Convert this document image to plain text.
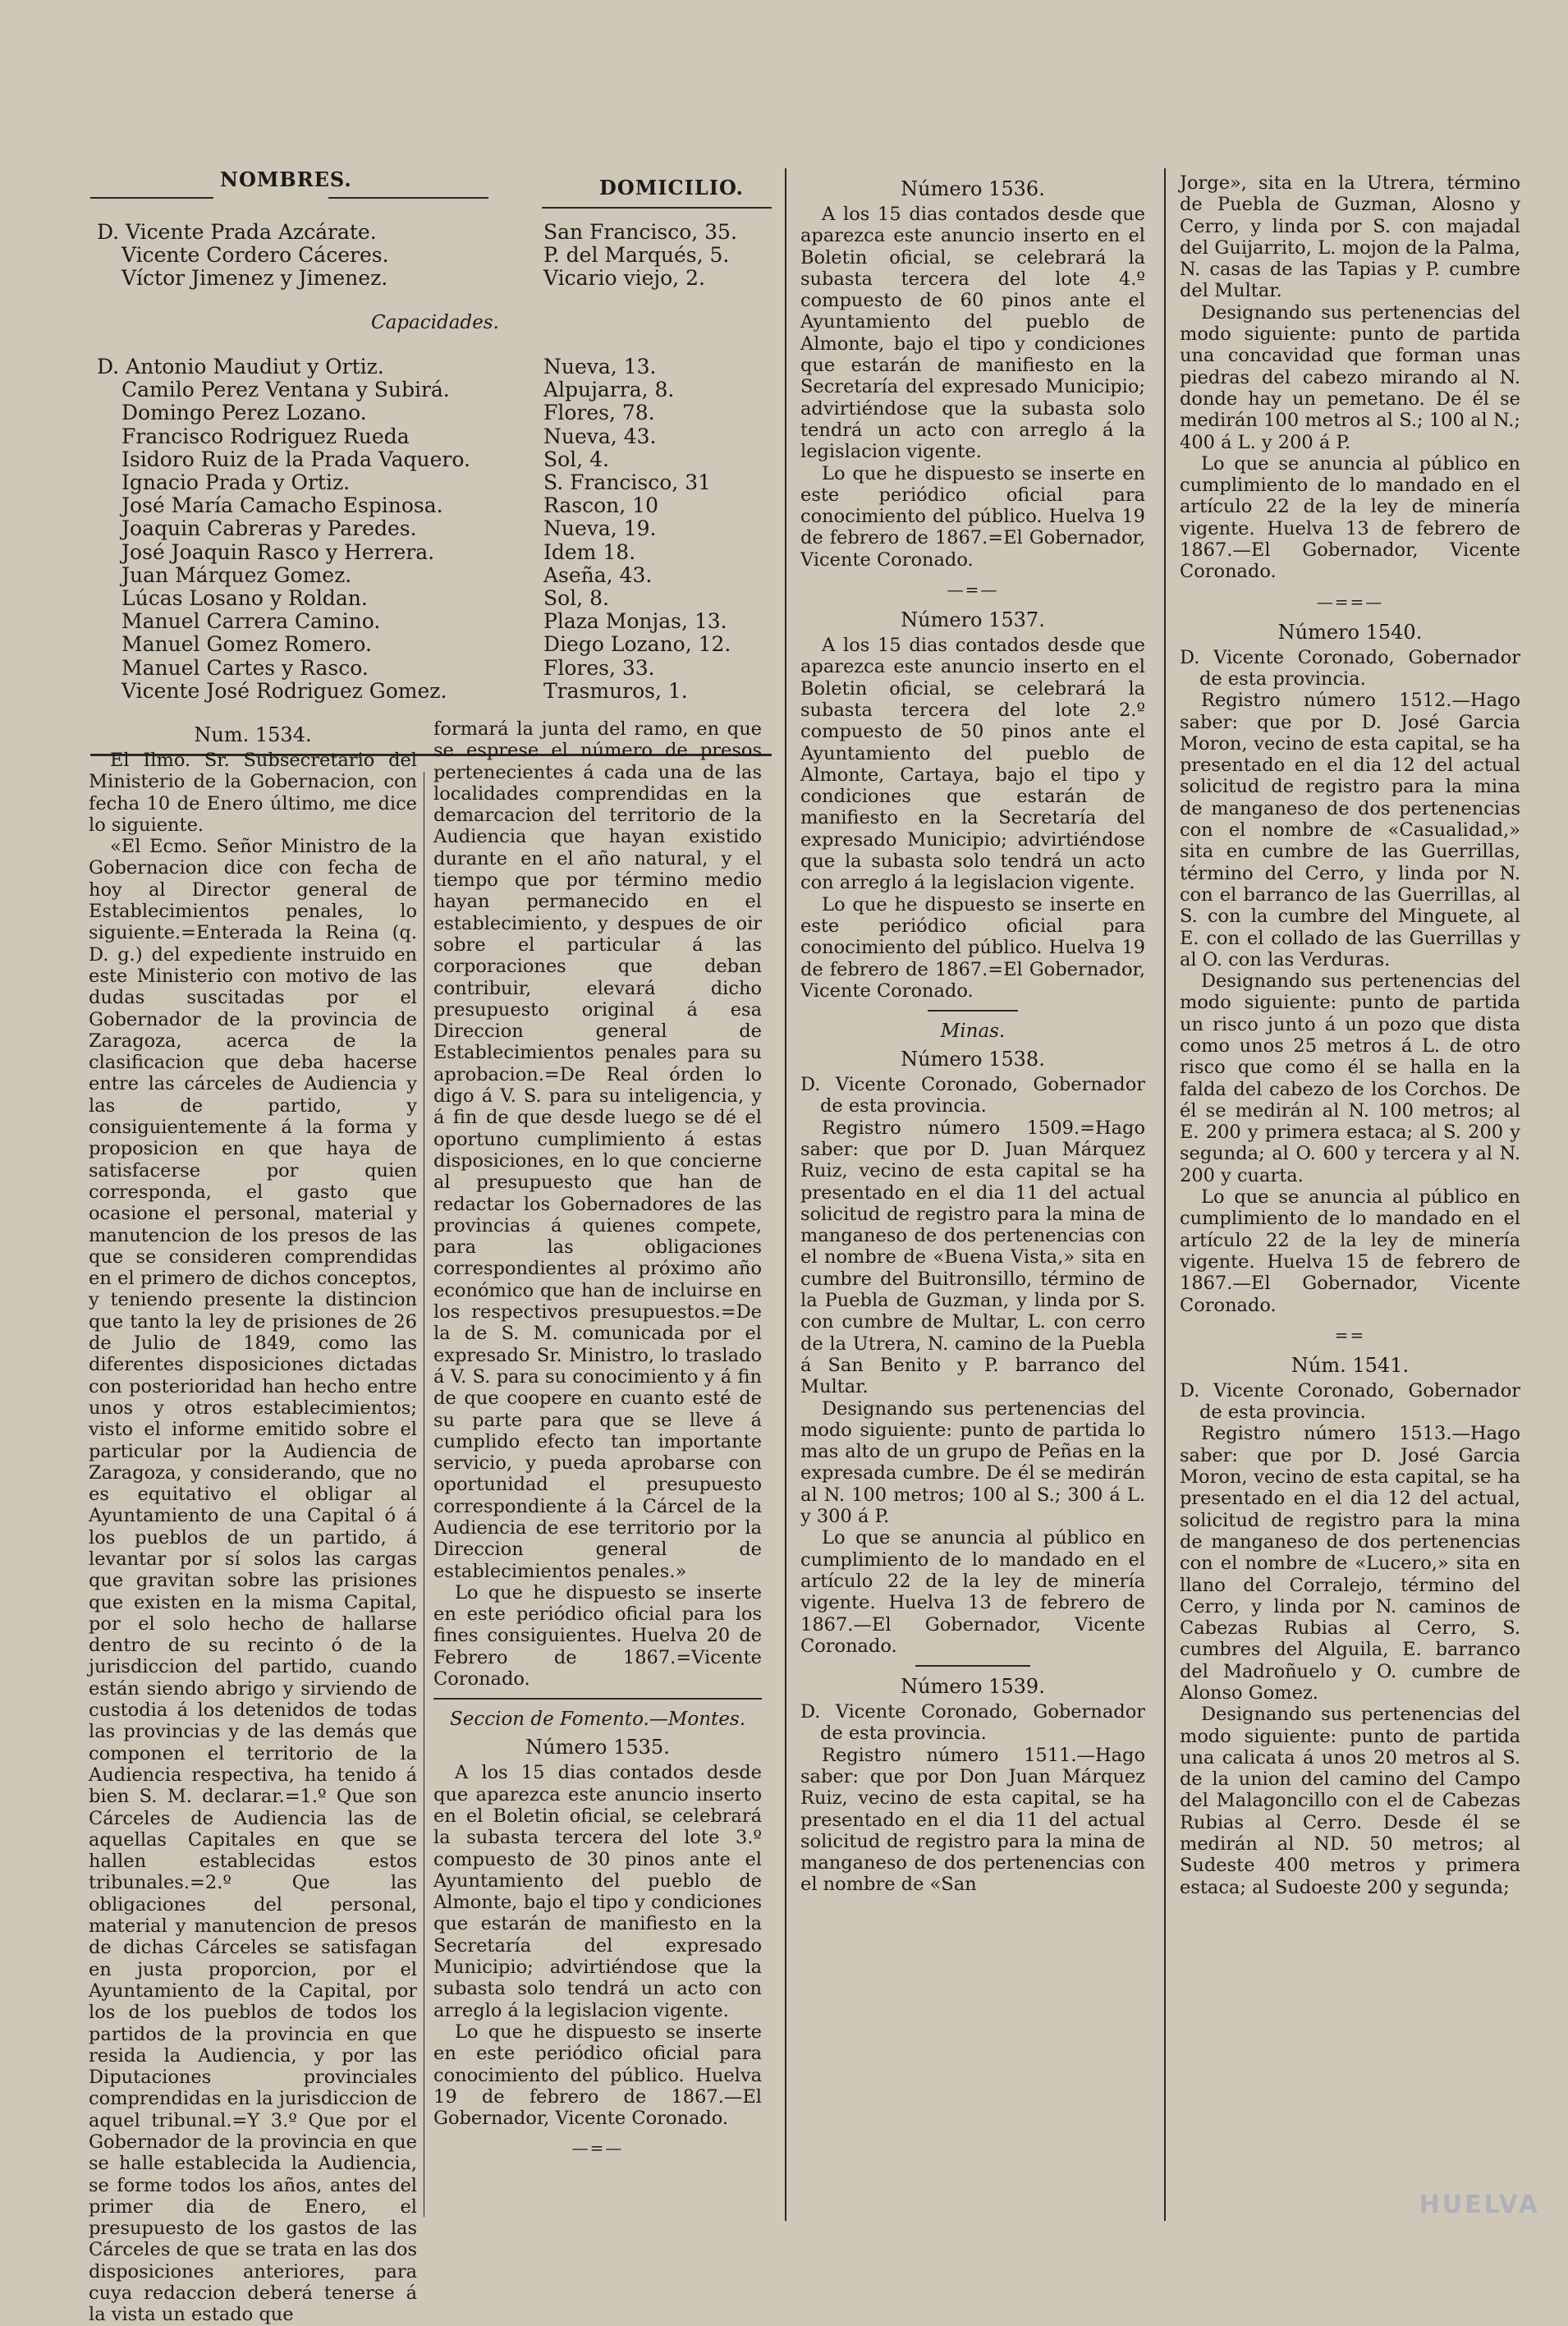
NOMBRES.	DOMICILIO.
D. Vicente Prada Azcárate.	San Francisco, 35.
Vicente Cordero Cáceres.	P. del Marqués, 5.
Víctor Jimenez y Jimenez.	Vicario viejo, 2.
Capacidades.
D. Antonio Maudiut y Ortiz.	Nueva, 13.
Camilo Perez Ventana y Subirá.	Alpujarra, 8.
Domingo Perez Lozano.	Flores, 78.
Francisco Rodriguez Rueda	Nueva, 43.
Isidoro Ruiz de la Prada Vaquero.	Sol, 4.
Ignacio Prada y Ortiz.	S. Francisco, 31
José María Camacho Espinosa.	Rascon, 10
Joaquin Cabreras y Paredes.	Nueva, 19.
José Joaquin Rasco y Herrera.	Idem 18.
Juan Márquez Gomez.	Aseña, 43.
Lúcas Losano y Roldan.	Sol, 8.
Manuel Carrera Camino.	Plaza Monjas, 13.
Manuel Gomez Romero.	Diego Lozano, 12.
Manuel Cartes y Rasco.	Flores, 33.
Vicente José Rodriguez Gomez.	Trasmuros, 1.
Num. 1534.

El Ilmo. Sr. Subsecretario del Ministerio de la Gobernacion, con fecha 10 de Enero último, me dice lo siguiente.

«El Ecmo. Señor Ministro de la Gobernacion dice con fecha de hoy al Director general de Establecimientos penales, lo siguiente.=Enterada la Reina (q. D. g.) del expediente instruido en este Ministerio con motivo de las dudas suscitadas por el Gobernador de la provincia de Zaragoza, acerca de la clasificacion que deba hacerse entre las cárceles de Audiencia y las de partido, y consiguientemente á la forma y proposicion en que haya de satisfacerse por quien corresponda, el gasto que ocasione el personal, material y manutencion de los presos de las que se consideren comprendidas en el primero de dichos conceptos, y teniendo presente la distincion que tanto la ley de prisiones de 26 de Julio de 1849, como las diferentes disposiciones dictadas con posterioridad han hecho entre unos y otros establecimientos; visto el informe emitido sobre el particular por la Audiencia de Zaragoza, y considerando, que no es equitativo el obligar al Ayuntamiento de una Capital ó á los pueblos de un partido, á levantar por sí solos las cargas que gravitan sobre las prisiones que existen en la misma Capital, por el solo hecho de hallarse dentro de su recinto ó de la jurisdiccion del partido, cuando están siendo abrigo y sirviendo de custodia á los detenidos de todas las provincias y de las demás que componen el territorio de la Audiencia respectiva, ha tenido á bien S. M. declarar.=1.º Que son Cárceles de Audiencia las de aquellas Capitales en que se hallen establecidas estos tribunales.=2.º Que las obligaciones del personal, material y manutencion de presos de dichas Cárceles se satisfagan en justa proporcion, por el Ayuntamiento de la Capital, por los de los pueblos de todos los partidos de la provincia en que resida la Audiencia, y por las Diputaciones provinciales comprendidas en la jurisdiccion de aquel tribunal.=Y 3.º Que por el Gobernador de la provincia en que se halle establecida la Audiencia, se forme todos los años, antes del primer dia de Enero, el presupuesto de los gastos de las Cárceles de que se trata en las dos disposiciones anteriores, para cuya redaccion deberá tenerse á la vista un estado que

formará la junta del ramo, en que se esprese el número de presos pertenecientes á cada una de las localidades comprendidas en la demarcacion del territorio de la Audiencia que hayan existido durante en el año natural, y el tiempo que por término medio hayan permanecido en el establecimiento, y despues de oir sobre el particular á las corporaciones que deban contribuir, elevará dicho presupuesto original á esa Direccion general de Establecimientos penales para su aprobacion.=De Real órden lo digo á V. S. para su inteligencia, y á fin de que desde luego se dé el oportuno cumplimiento á estas disposiciones, en lo que concierne al presupuesto que han de redactar los Gobernadores de las provincias á quienes compete, para las obligaciones correspondientes al próximo año económico que han de incluirse en los respectivos presupuestos.=De la de S. M. comunicada por el expresado Sr. Ministro, lo traslado á V. S. para su conocimiento y á fin de que coopere en cuanto esté de su parte para que se lleve á cumplido efecto tan importante servicio, y pueda aprobarse con oportunidad el presupuesto correspondiente á la Cárcel de la Audiencia de ese territorio por la Direccion general de establecimientos penales.»

Lo que he dispuesto se inserte en este periódico oficial para los fines consiguientes. Huelva 20 de Febrero de 1867.=Vicente Coronado.

Seccion de Fomento.—Montes.
Número 1535.

A los 15 dias contados desde que aparezca este anuncio inserto en el Boletin oficial, se celebrará la subasta tercera del lote 3.º compuesto de 30 pinos ante el Ayuntamiento del pueblo de Almonte, bajo el tipo y condiciones que estarán de manifiesto en la Secretaría del expresado Municipio; advirtiéndose que la subasta solo tendrá un acto con arreglo á la legislacion vigente.

Lo que he dispuesto se inserte en este periódico oficial para conocimiento del público. Huelva 19 de febrero de 1867.—El Gobernador, Vicente Coronado.

—=—
Número 1536.

A los 15 dias contados desde que aparezca este anuncio inserto en el Boletin oficial, se celebrará la subasta tercera del lote 4.º compuesto de 60 pinos ante el Ayuntamiento del pueblo de Almonte, bajo el tipo y condiciones que estarán de manifiesto en la Secretaría del expresado Municipio; advirtiéndose que la subasta solo tendrá un acto con arreglo á la legislacion vigente.

Lo que he dispuesto se inserte en este periódico oficial para conocimiento del público. Huelva 19 de febrero de 1867.=El Gobernador, Vicente Coronado.

—=—
Número 1537.

A los 15 dias contados desde que aparezca este anuncio inserto en el Boletin oficial, se celebrará la subasta tercera del lote 2.º compuesto de 50 pinos ante el Ayuntamiento del pueblo de Almonte, Cartaya, bajo el tipo y condiciones que estarán de manifiesto en la Secretaría del expresado Municipio; advirtiéndose que la subasta solo tendrá un acto con arreglo á la legislacion vigente.

Lo que he dispuesto se inserte en este periódico oficial para conocimiento del público. Huelva 19 de febrero de 1867.=El Gobernador, Vicente Coronado.

Minas.
Número 1538.

D. Vicente Coronado, Gobernador de esta provincia.

Registro número 1509.=Hago saber: que por D. Juan Márquez Ruiz, vecino de esta capital se ha presentado en el dia 11 del actual solicitud de registro para la mina de manganeso de dos pertenencias con el nombre de «Buena Vista,» sita en cumbre del Buitronsillo, término de la Puebla de Guzman, y linda por S. con cumbre de Multar, L. con cerro de la Utrera, N. camino de la Puebla á San Benito y P. barranco del Multar.

Designando sus pertenencias del modo siguiente: punto de partida lo mas alto de un grupo de Peñas en la expresada cumbre. De él se medirán al N. 100 metros; 100 al S.; 300 á L. y 300 á P.

Lo que se anuncia al público en cumplimiento de lo mandado en el artículo 22 de la ley de minería vigente. Huelva 13 de febrero de 1867.—El Gobernador, Vicente Coronado.

Número 1539.

D. Vicente Coronado, Gobernador de esta provincia.

Registro número 1511.—Hago saber: que por Don Juan Márquez Ruiz, vecino de esta capital, se ha presentado en el dia 11 del actual solicitud de registro para la mina de manganeso de dos pertenencias con el nombre de «San

Jorge», sita en la Utrera, término de Puebla de Guzman, Alosno y Cerro, y linda por S. con majadal del Guijarrito, L. mojon de la Palma, N. casas de las Tapias y P. cumbre del Multar.

Designando sus pertenencias del modo siguiente: punto de partida una concavidad que forman unas piedras del cabezo mirando al N. donde hay un pemetano. De él se medirán 100 metros al S.; 100 al N.; 400 á L. y 200 á P.

Lo que se anuncia al público en cumplimiento de lo mandado en el artículo 22 de la ley de minería vigente. Huelva 13 de febrero de 1867.—El Gobernador, Vicente Coronado.

—==—
Número 1540.

D. Vicente Coronado, Gobernador de esta provincia.

Registro número 1512.—Hago saber: que por D. José Garcia Moron, vecino de esta capital, se ha presentado en el dia 12 del actual solicitud de registro para la mina de manganeso de dos pertenencias con el nombre de «Casualidad,» sita en cumbre de las Guerrillas, término del Cerro, y linda por N. con el barranco de las Guerrillas, al S. con la cumbre del Minguete, al E. con el collado de las Guerrillas y al O. con las Verduras.

Designando sus pertenencias del modo siguiente: punto de partida un risco junto á un pozo que dista como unos 25 metros á L. de otro risco que como él se halla en la falda del cabezo de los Corchos. De él se medirán al N. 100 metros; al E. 200 y primera estaca; al S. 200 y segunda; al O. 600 y tercera y al N. 200 y cuarta.

Lo que se anuncia al público en cumplimiento de lo mandado en el artículo 22 de la ley de minería vigente. Huelva 15 de febrero de 1867.—El Gobernador, Vicente Coronado.

==
Núm. 1541.

D. Vicente Coronado, Gobernador de esta provincia.

Registro número 1513.—Hago saber: que por D. José Garcia Moron, vecino de esta capital, se ha presentado en el dia 12 del actual, solicitud de registro para la mina de manganeso de dos pertenencias con el nombre de «Lucero,» sita en llano del Corralejo, término del Cerro, y linda por N. caminos de Cabezas Rubias al Cerro, S. cumbres del Alguila, E. barranco del Madroñuelo y O. cumbre de Alonso Gomez.

Designando sus pertenencias del modo siguiente: punto de partida una calicata á unos 20 metros al S. de la union del camino del Campo del Malagoncillo con el de Cabezas Rubias al Cerro. Desde él se medirán al ND. 50 metros; al Sudeste 400 metros y primera estaca; al Sudoeste 200 y segunda;

HUELVA
